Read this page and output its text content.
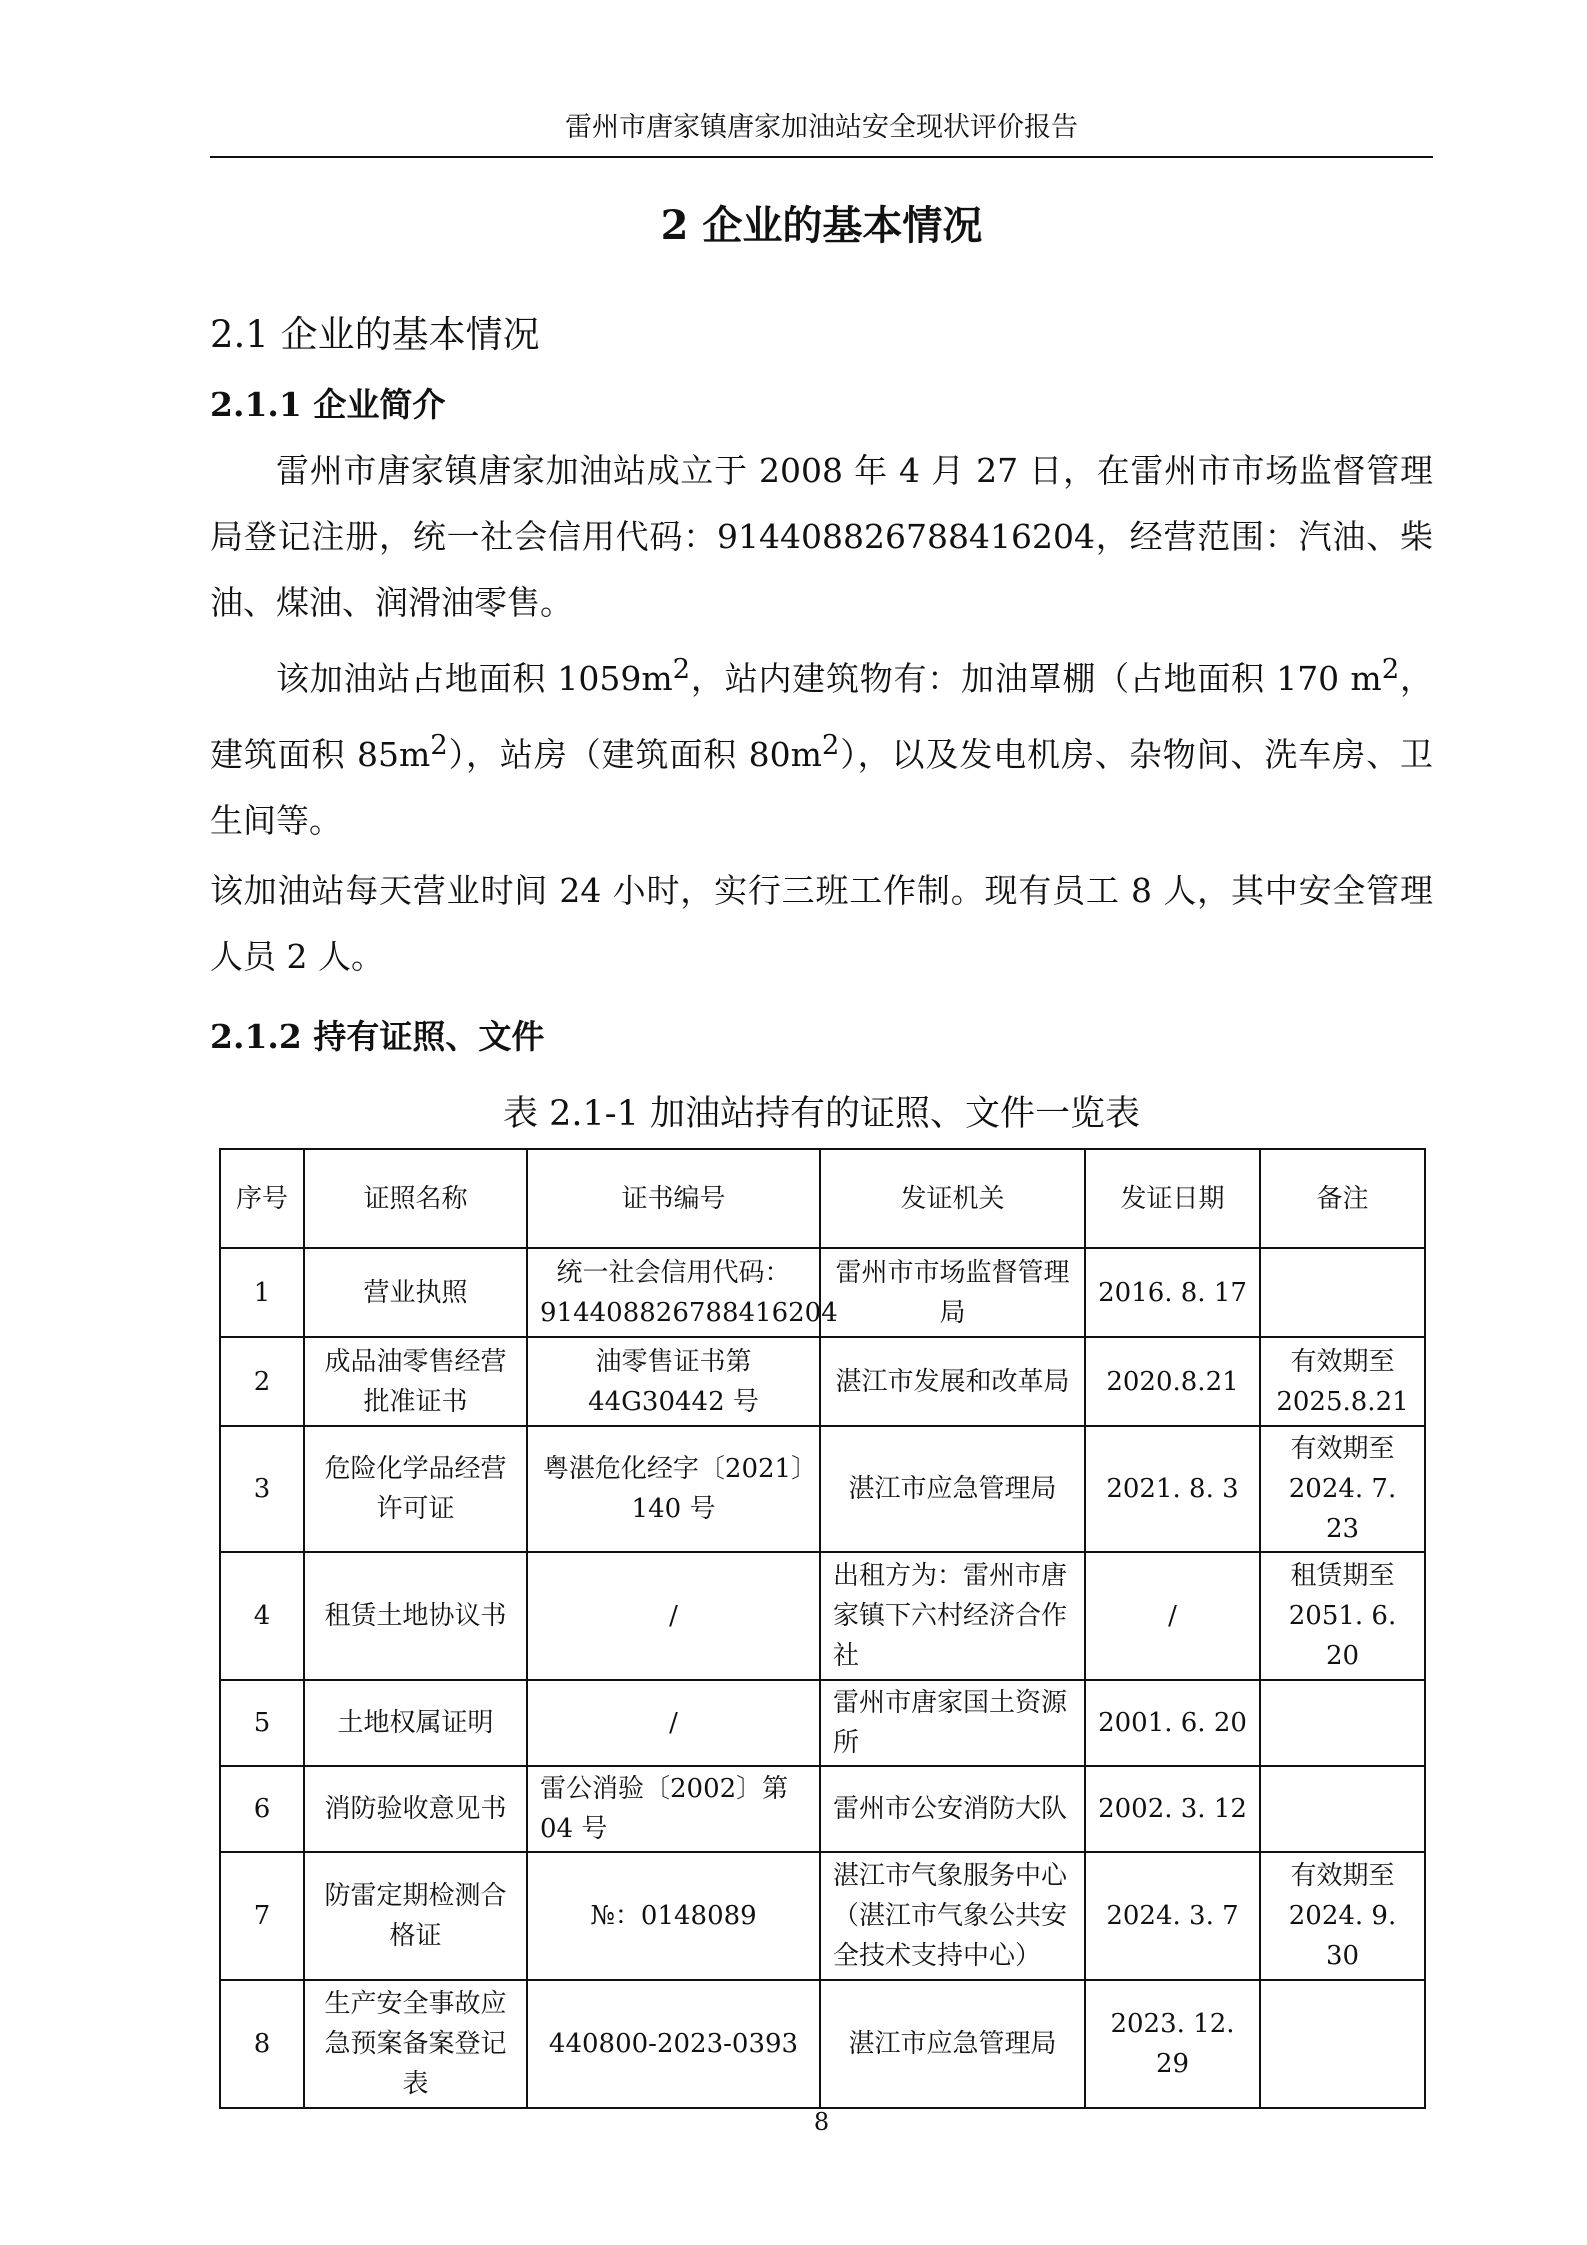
雷州市唐家镇唐家加油站安全现状评价报告
2 企业的基本情况
2.1 企业的基本情况
2.1.1 企业简介
雷州市唐家镇唐家加油站成立于 2008 年 4 月 27 日，在雷州市市场监督管理局登记注册，统一社会信用代码：914408826788416204，经营范围：汽油、柴油、煤油、润滑油零售。
该加油站占地面积 $1059m^2$，站内建筑物有：加油罩棚（占地面积 170 $m^2$，建筑面积 $85m^2$），站房（建筑面积 $80m^2$），以及发电机房、杂物间、洗车房、卫生间等。
该加油站每天营业时间 24 小时，实行三班工作制。现有员工 8 人，其中安全管理人员 2 人。
2.1.2 持有证照、文件
表 2.1-1 加油站持有的证照、文件一览表
序号	证照名称	证书编号	发证机关	发证日期	备注
1	营业执照	统一社会信用代码：914408826788416204	雷州市市场监督管理局	2016. 8. 17	
2	成品油零售经营批准证书	油零售证书第 44G30442 号	湛江市发展和改革局	2020.8.21	有效期至 2025.8.21
3	危险化学品经营许可证	粤湛危化经字〔2021〕140 号	湛江市应急管理局	2021. 8. 3	有效期至 2024. 7. 23
4	租赁土地协议书	/	出租方为：雷州市唐家镇下六村经济合作社	/	租赁期至 2051. 6. 20
5	土地权属证明	/	雷州市唐家国土资源所	2001. 6. 20	
6	消防验收意见书	雷公消验〔2002〕第 04 号	雷州市公安消防大队	2002. 3. 12	
7	防雷定期检测合格证	№：0148089	湛江市气象服务中心（湛江市气象公共安全技术支持中心）	2024. 3. 7	有效期至 2024. 9. 30
8	生产安全事故应急预案备案登记表	440800-2023-0393	湛江市应急管理局	2023. 12. 29	
8
